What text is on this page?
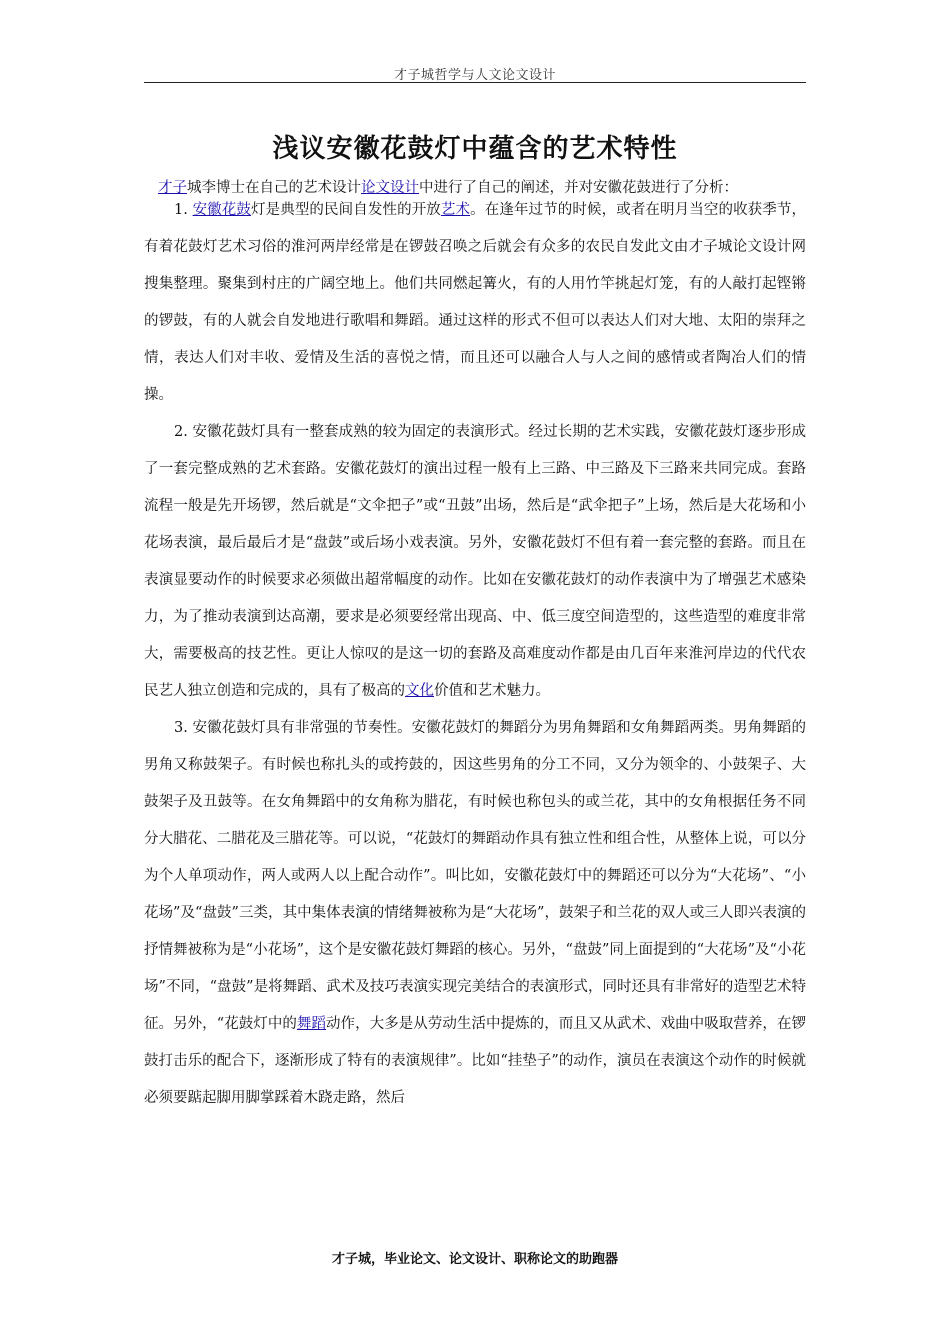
才子城哲学与人文论文设计
浅议安徽花鼓灯中蕴含的艺术特性
才子城李博士在自己的艺术设计论文设计中进行了自己的阐述，并对安徽花鼓进行了分析：

1. 安徽花鼓灯是典型的民间自发性的开放艺术。在逢年过节的时候，或者在明月当空的收获季节，有着花鼓灯艺术习俗的淮河两岸经常是在锣鼓召唤之后就会有众多的农民自发此文由才子城论文设计网搜集整理。聚集到村庄的广阔空地上。他们共同燃起篝火，有的人用竹竿挑起灯笼，有的人敲打起铿锵的锣鼓，有的人就会自发地进行歌唱和舞蹈。通过这样的形式不但可以表达人们对大地、太阳的崇拜之情，表达人们对丰收、爱情及生活的喜悦之情，而且还可以融合人与人之间的感情或者陶冶人们的情操。

2. 安徽花鼓灯具有一整套成熟的较为固定的表演形式。经过长期的艺术实践，安徽花鼓灯逐步形成了一套完整成熟的艺术套路。安徽花鼓灯的演出过程一般有上三路、中三路及下三路来共同完成。套路流程一般是先开场锣，然后就是“文伞把子”或“丑鼓”出场，然后是“武伞把子”上场，然后是大花场和小花场表演，最后最后才是“盘鼓”或后场小戏表演。另外，安徽花鼓灯不但有着一套完整的套路。而且在表演显要动作的时候要求必须做出超常幅度的动作。比如在安徽花鼓灯的动作表演中为了增强艺术感染力，为了推动表演到达高潮，要求是必须要经常出现高、中、低三度空间造型的，这些造型的难度非常大，需要极高的技艺性。更让人惊叹的是这一切的套路及高难度动作都是由几百年来淮河岸边的代代农民艺人独立创造和完成的，具有了极高的文化价值和艺术魅力。

3. 安徽花鼓灯具有非常强的节奏性。安徽花鼓灯的舞蹈分为男角舞蹈和女角舞蹈两类。男角舞蹈的男角又称鼓架子。有时候也称扎头的或挎鼓的，因这些男角的分工不同，又分为领伞的、小鼓架子、大鼓架子及丑鼓等。在女角舞蹈中的女角称为腊花，有时候也称包头的或兰花，其中的女角根据任务不同分大腊花、二腊花及三腊花等。可以说，“花鼓灯的舞蹈动作具有独立性和组合性，从整体上说，可以分为个人单项动作，两人或两人以上配合动作”。叫比如，安徽花鼓灯中的舞蹈还可以分为“大花场”、“小花场”及“盘鼓”三类，其中集体表演的情绪舞被称为是“大花场”，鼓架子和兰花的双人或三人即兴表演的抒情舞被称为是“小花场”，这个是安徽花鼓灯舞蹈的核心。另外，“盘鼓”同上面提到的“大花场”及“小花场”不同，“盘鼓”是将舞蹈、武术及技巧表演实现完美结合的表演形式，同时还具有非常好的造型艺术特征。另外，“花鼓灯中的舞蹈动作，大多是从劳动生活中提炼的，而且又从武术、戏曲中吸取营养，在锣鼓打击乐的配合下，逐渐形成了特有的表演规律”。比如“挂垫子”的动作，演员在表演这个动作的时候就必须要踮起脚用脚掌踩着木跷走路，然后

才子城，毕业论文、论文设计、职称论文的助跑器
